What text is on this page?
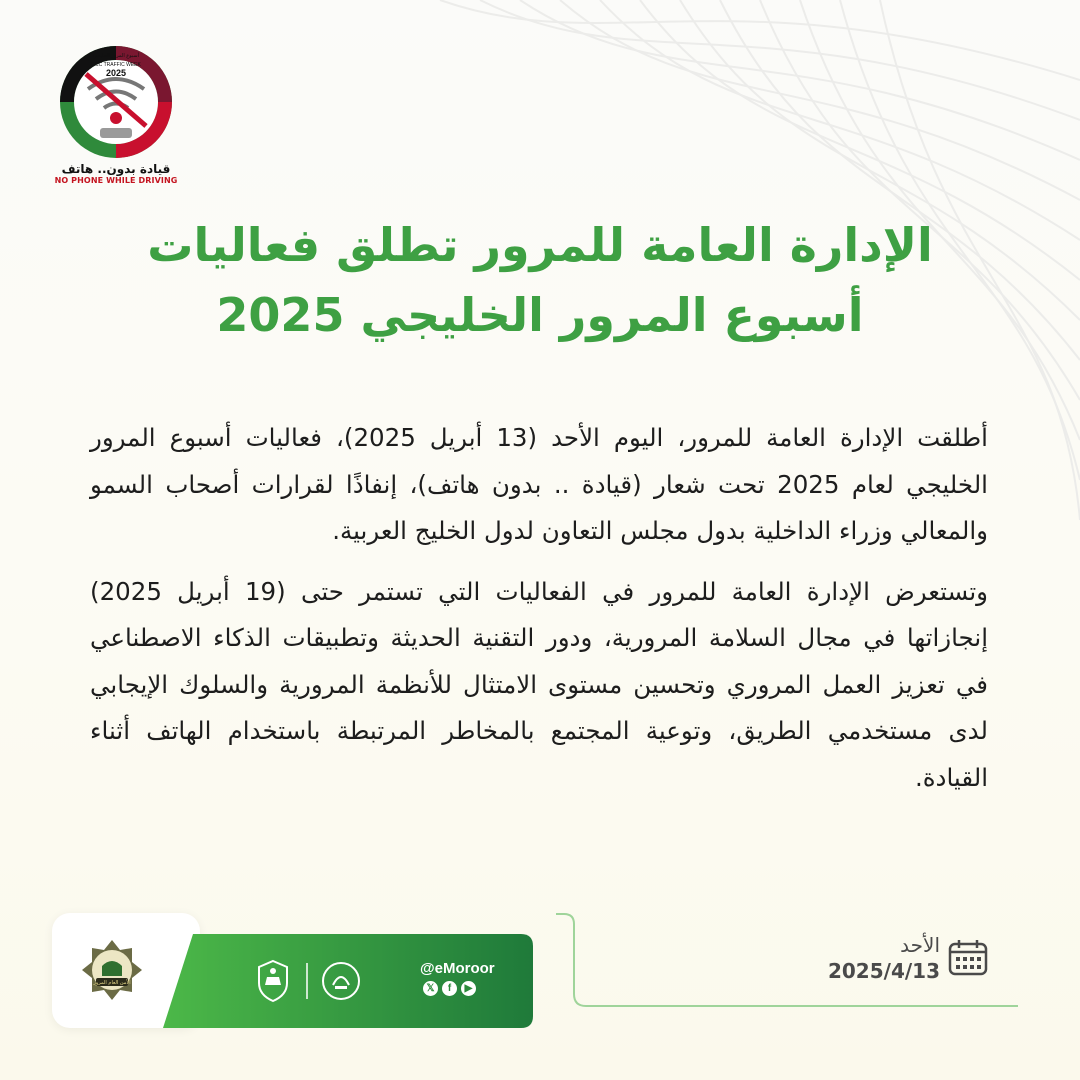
2025
GCC TRAFFIC WEEK
أسبوع المرور الخليجي
قيادة بدون.. هاتف
NO PHONE WHILE DRIVING
الإدارة العامة للمرور تطلق فعاليات
أسبوع المرور الخليجي 2025

أطلقت الإدارة العامة للمرور، اليوم الأحد (13 أبريل 2025)، فعاليات أسبوع المرور الخليجي لعام 2025 تحت شعار (قيادة .. بدون هاتف)، إنفاذًا لقرارات أصحاب السمو والمعالي وزراء الداخلية بدول مجلس التعاون لدول الخليج العربية.

وتستعرض الإدارة العامة للمرور في الفعاليات التي تستمر حتى (19 أبريل 2025) إنجازاتها في مجال السلامة المرورية، ودور التقنية الحديثة وتطبيقات الذكاء الاصطناعي في تعزيز العمل المروري وتحسين مستوى الامتثال للأنظمة المرورية والسلوك الإيجابي لدى مستخدمي الطريق، وتوعية المجتمع بالمخاطر المرتبطة باستخدام الهاتف أثناء القيادة.

الأمن العام المرور
@eMoroor
𝕏	f	▶
الأحد
2025/4/13
